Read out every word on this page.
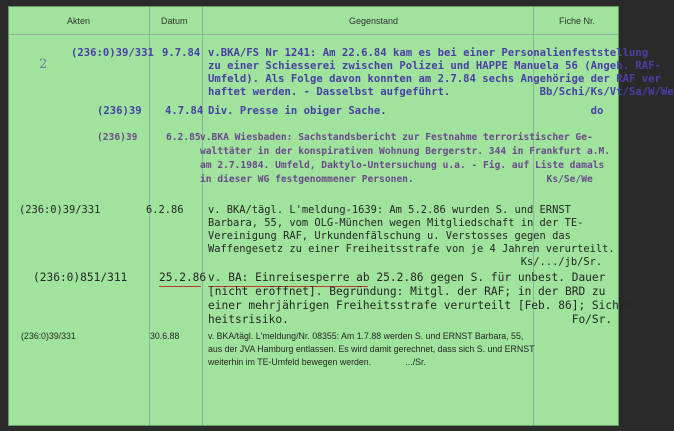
Akten	Datum	Gegenstand	Fiche Nr.
2
(236:0)39/331 9.7.84 v.BKA/FS Nr 1241: Am 22.6.84 kam es bei einer Personalienfeststellung
zu einer Schiesserei zwischen Polizei und HAPPE Manuela 56 (Angeh. RAF-
Umfeld). Als Folge davon konnten am 2.7.84 sechs Angehörige der RAF ver
haftet werden. - Dasselbst aufgeführt.              Bb/Schi/Ks/Vt/Sa/W/We
(236)39 4.7.84 Div. Presse in obiger Sache.                                do
(236)39	6.2.85 v.BKA Wiesbaden: Sachstandsbericht zur Festnahme terroristischer Ge-
walttäter in der konspirativen Wohnung Bergerstr. 344 in Frankfurt a.M.
am 2.7.1984. Umfeld, Daktylo-Untersuchung u.a. - Fig. auf Liste damals
in dieser WG festgenommener Personen.                       Ks/Se/We
(236:0)39/331	6.2.86 v. BKA/tägl. L'meldung-1639: Am 5.2.86 wurden S. und ERNST
Barbara, 55, vom OLG-München wegen Mitgliedschaft in der TE-
Vereinigung RAF, Urkundenfälschung u. Verstosses gegen das
Waffengesetz zu einer Freiheitsstrafe von je 4 Jahren verurteilt.
Ks/.../jb/Sr.
(236:0)851/311	25.2.86 v. BA: Einreisesperre ab 25.2.86 gegen S. für unbest. Dauer
[nicht eröffnet]. Begründung: Mitgl. der RAF; in der BRD zu
einer mehrjährigen Freiheitsstrafe verurteilt [Feb. 86]; Sicher-
heitsrisiko.                                          Fo/Sr.
(236:0)39/331	30.6.88	v. BKA/tägl. L'meldung/Nr. 08355: Am 1.7.88 werden S. und ERNST Barbara, 55,
aus der JVA Hamburg entlassen. Es wird damit gerechnet, dass sich S. und ERNST
weiterhin im TE-Umfeld bewegen werden.              .../Sr.
